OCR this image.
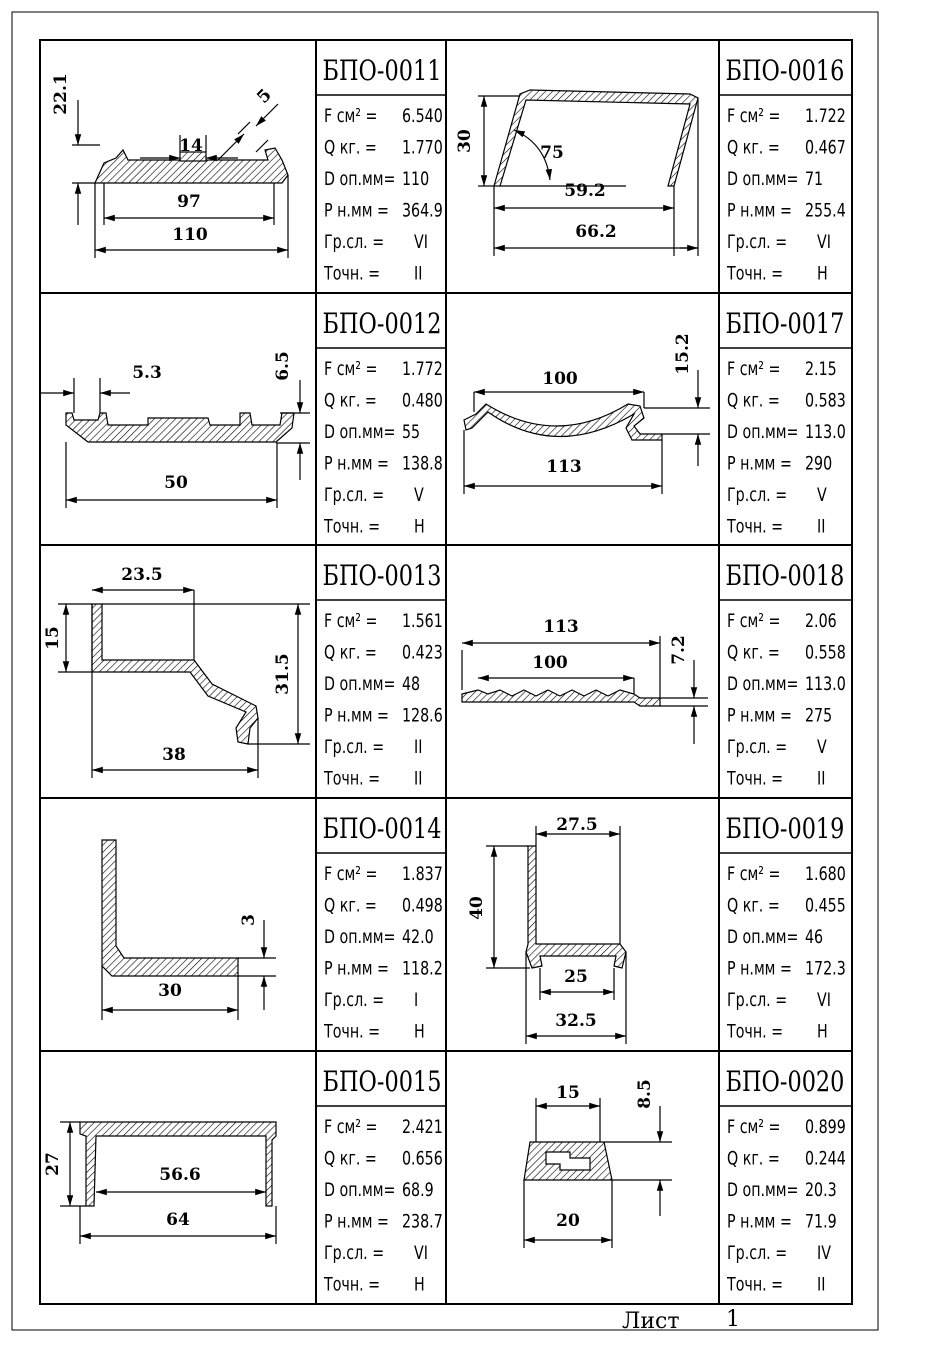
БПО-0011
F см² = 6.540
Q кг. = 1.770
D оп.мм= 110
Р н.мм = 364.9
Гр.сл. = VI
Точн. = II
БПО-0012
F см² = 1.772
Q кг. = 0.480
D оп.мм= 55
Р н.мм = 138.8
Гр.сл. = V
Точн. = Н
БПО-0013
F см² = 1.561
Q кг. = 0.423
D оп.мм= 48
Р н.мм = 128.6
Гр.сл. = II
Точн. = II
БПО-0014
F см² = 1.837
Q кг. = 0.498
D оп.мм= 42.0
Р н.мм = 118.2
Гр.сл. = I
Точн. = Н
БПО-0015
F см² = 2.421
Q кг. = 0.656
D оп.мм= 68.9
Р н.мм = 238.7
Гр.сл. = VI
Точн. = Н
БПО-0016
F см² = 1.722
Q кг. = 0.467
D оп.мм= 71
Р н.мм = 255.4
Гр.сл. = VI
Точн. = Н
БПО-0017
F см² = 2.15
Q кг. = 0.583
D оп.мм= 113.0
Р н.мм = 290
Гр.сл. = V
Точн. = II
БПО-0018
F см² = 2.06
Q кг. = 0.558
D оп.мм= 113.0
Р н.мм = 275
Гр.сл. = V
Точн. = II
БПО-0019
F см² = 1.680
Q кг. = 0.455
D оп.мм= 46
Р н.мм = 172.3
Гр.сл. = VI
Точн. = Н
БПО-0020
F см² = 0.899
Q кг. = 0.244
D оп.мм= 20.3
Р н.мм = 71.9
Гр.сл. = IV
Точн. = II
22.1	5
14
97
110
5.3	6.5
50
23.5
15
31.5
38
3
30
27	56.6
64
30
75
59.2
66.2
100
15.2
113
113
100	7.2
27.5
40
25
32.5
15	8.5
20
Лист 1
